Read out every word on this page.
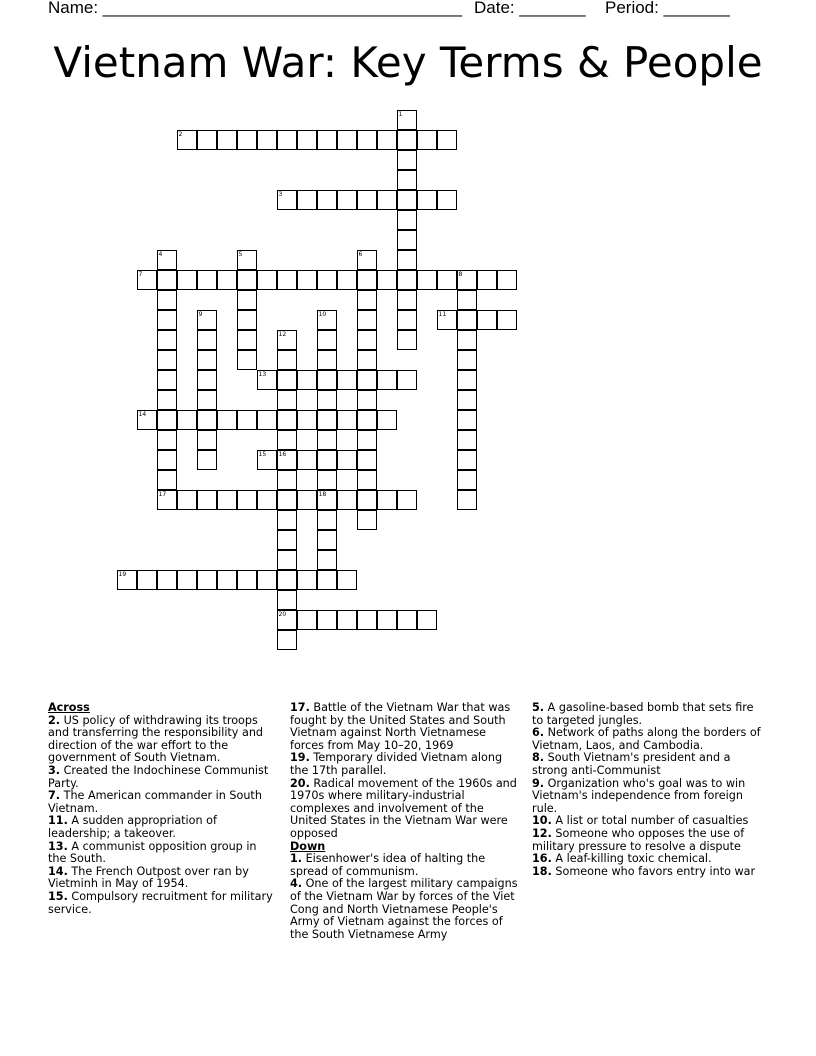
Name: ______________________________________ Date: _______ Period: _______
Vietnam War: Key Terms & People
1
2
3
4	5	6
7	8
9	10	11
12
13
14
15 16
20
17	18
19
Across
2. US policy of withdrawing its troops and transferring the responsibility and direction of the war effort to the government of South Vietnam.
3. Created the Indochinese Communist Party.
7. The American commander in South Vietnam.
11. A sudden appropriation of leadership; a takeover.
13. A communist opposition group in the South.
14. The French Outpost over ran by Vietminh in May of 1954.
15. Compulsory recruitment for military service.
17. Battle of the Vietnam War that was fought by the United States and South Vietnam against North Vietnamese forces from May 10–20, 1969
19. Temporary divided Vietnam along the 17th parallel.
20. Radical movement of the 1960s and 1970s where military-industrial complexes and involvement of the United States in the Vietnam War were opposed
Down
1. Eisenhower's idea of halting the spread of communism.
4. One of the largest military campaigns of the Vietnam War by forces of the Viet Cong and North Vietnamese People's Army of Vietnam against the forces of the South Vietnamese Army
5. A gasoline-based bomb that sets fire to targeted jungles.
6. Network of paths along the borders of Vietnam, Laos, and Cambodia.
8. South Vietnam's president and a strong anti-Communist
9. Organization who's goal was to win Vietnam's independence from foreign rule.
10. A list or total number of casualties
12. Someone who opposes the use of military pressure to resolve a dispute
16. A leaf-killing toxic chemical.
18. Someone who favors entry into war
